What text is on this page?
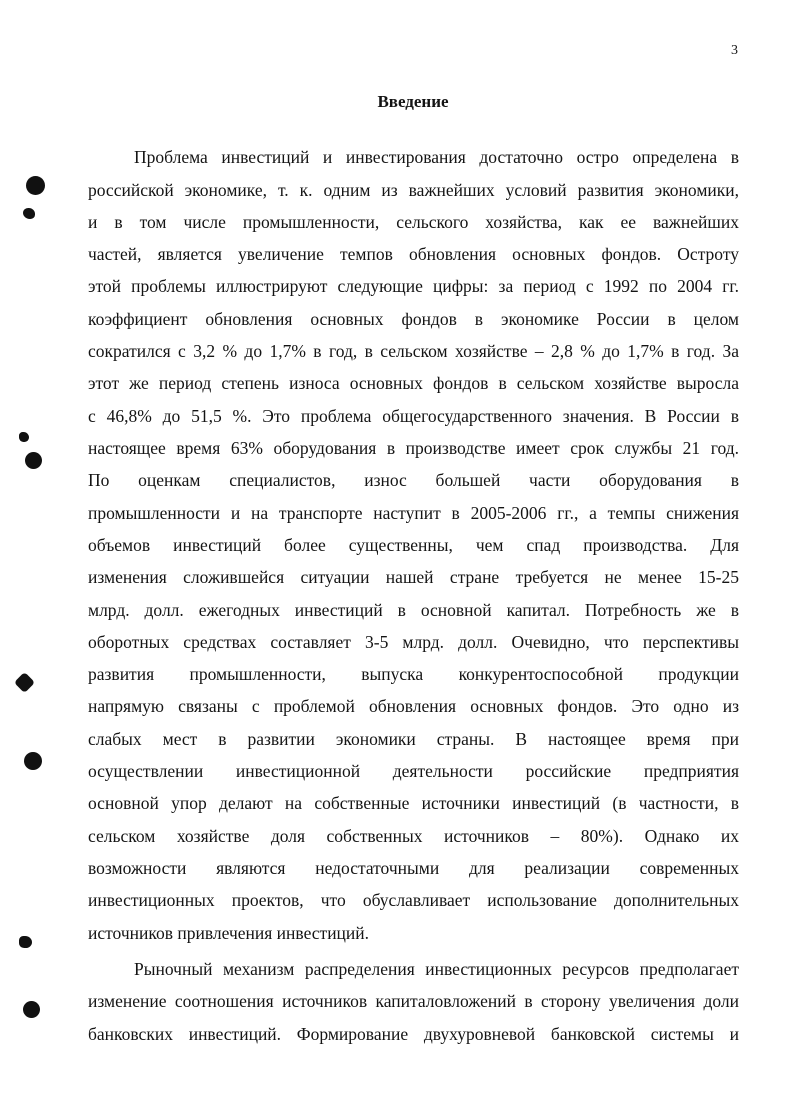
3
Введение
Проблема инвестиций и инвестирования достаточно остро определена в
российской экономике, т. к. одним из важнейших условий развития экономики,
и в том числе промышленности, сельского хозяйства, как ее важнейших
частей, является увеличение темпов обновления основных фондов. Остроту
этой проблемы иллюстрируют следующие цифры: за период с 1992 по 2004 гг.
коэффициент обновления основных фондов в экономике России в целом
сократился с 3,2 % до 1,7% в год, в сельском хозяйстве – 2,8 % до 1,7% в год. За
этот же период степень износа основных фондов в сельском хозяйстве выросла
с 46,8% до 51,5 %. Это проблема общегосударственного значения. В России в
настоящее время 63% оборудования в производстве имеет срок службы 21 год.
По оценкам специалистов, износ большей части оборудования в
промышленности и на транспорте наступит в 2005-2006 гг., а темпы снижения
объемов инвестиций более существенны, чем спад производства. Для
изменения сложившейся ситуации нашей стране требуется не менее 15-25
млрд. долл. ежегодных инвестиций в основной капитал. Потребность же в
оборотных средствах составляет 3-5 млрд. долл. Очевидно, что перспективы
развития промышленности, выпуска конкурентоспособной продукции
напрямую связаны с проблемой обновления основных фондов. Это одно из
слабых мест в развитии экономики страны. В настоящее время при
осуществлении инвестиционной деятельности российские предприятия
основной упор делают на собственные источники инвестиций (в частности, в
сельском хозяйстве доля собственных источников – 80%). Однако их
возможности являются недостаточными для реализации современных
инвестиционных проектов, что обуславливает использование дополнительных
источников привлечения инвестиций.
Рыночный механизм распределения инвестиционных ресурсов предполагает
изменение соотношения источников капиталовложений в сторону увеличения доли
банковских инвестиций. Формирование двухуровневой банковской системы и
